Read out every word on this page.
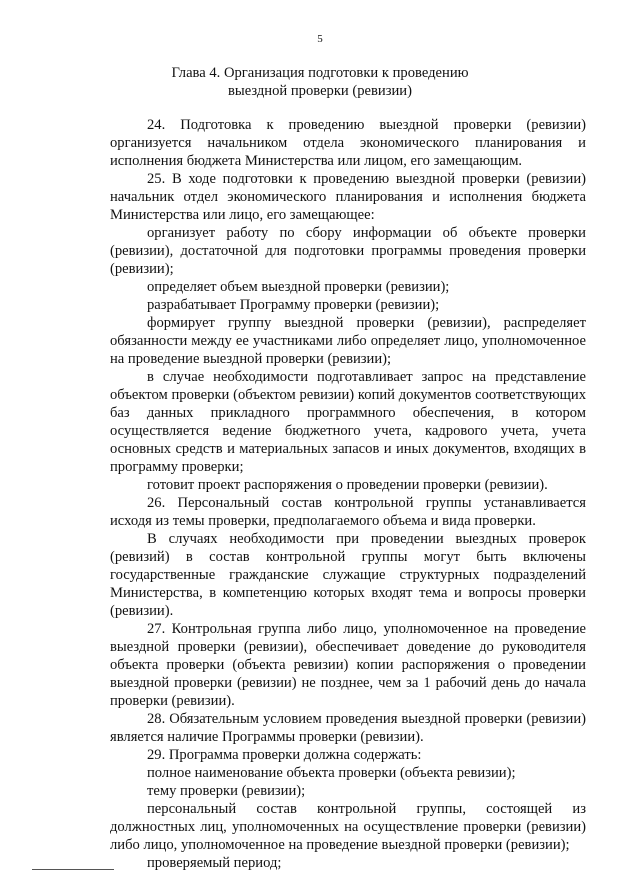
5
Глава 4. Организация подготовки к проведению
выездной проверки (ревизии)

24. Подготовка к проведению выездной проверки (ревизии) организуется начальником отдела экономического планирования и исполнения бюджета Министерства или лицом, его замещающим.

25. В ходе подготовки к проведению выездной проверки (ревизии) начальник отдел экономического планирования и исполнения бюджета Министерства или лицо, его замещающее:

организует работу по сбору информации об объекте проверки (ревизии), достаточной для подготовки программы проведения проверки (ревизии);

определяет объем выездной проверки (ревизии);

разрабатывает Программу проверки (ревизии);

формирует группу выездной проверки (ревизии), распределяет обязанности между ее участниками либо определяет лицо, уполномоченное на проведение выездной проверки (ревизии);

в случае необходимости подготавливает запрос на представление объектом проверки (объектом ревизии) копий документов соответствующих баз данных прикладного программного обеспечения, в котором осуществляется ведение бюджетного учета, кадрового учета, учета основных средств и материальных запасов и иных документов, входящих в программу проверки;

готовит проект распоряжения о проведении проверки (ревизии).

26. Персональный состав контрольной группы устанавливается исходя из темы проверки, предполагаемого объема и вида проверки.

В случаях необходимости при проведении выездных проверок (ревизий) в состав контрольной группы могут быть включены государственные гражданские служащие структурных подразделений Министерства, в компетенцию которых входят тема и вопросы проверки (ревизии).

27. Контрольная группа либо лицо, уполномоченное на проведение выездной проверки (ревизии), обеспечивает доведение до руководителя объекта проверки (объекта ревизии) копии распоряжения о проведении выездной проверки (ревизии) не позднее, чем за 1 рабочий день до начала проверки (ревизии).

28. Обязательным условием проведения выездной проверки (ревизии) является наличие Программы проверки (ревизии).

29. Программа проверки должна содержать:

полное наименование объекта проверки (объекта ревизии);

тему проверки (ревизии);

персональный состав контрольной группы, состоящей из должностных лиц, уполномоченных на осуществление проверки (ревизии) либо лицо, уполномоченное на проведение выездной проверки (ревизии);

проверяемый период;
